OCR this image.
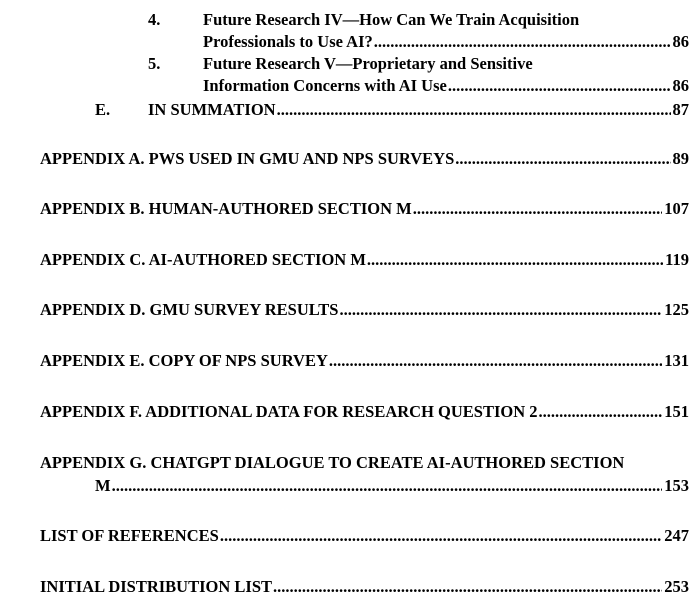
4.	Future Research IV—How Can We Train Acquisition
Professionals to Use AI? .....	86
5.	Future Research V—Proprietary and Sensitive
Information Concerns with AI Use .....	86
E. IN SUMMATION .....	87
APPENDIX A. PWS USED IN GMU AND NPS SURVEYS .....	89
APPENDIX B. HUMAN-AUTHORED SECTION M .....	107
APPENDIX C. AI-AUTHORED SECTION M .....	119
APPENDIX D. GMU SURVEY RESULTS .....	125
APPENDIX E. COPY OF NPS SURVEY .....	131
APPENDIX F. ADDITIONAL DATA FOR RESEARCH QUESTION 2 .....	151
APPENDIX G. CHATGPT DIALOGUE TO CREATE AI-AUTHORED SECTION
M .....	153
LIST OF REFERENCES .....	247
INITIAL DISTRIBUTION LIST .....	253
